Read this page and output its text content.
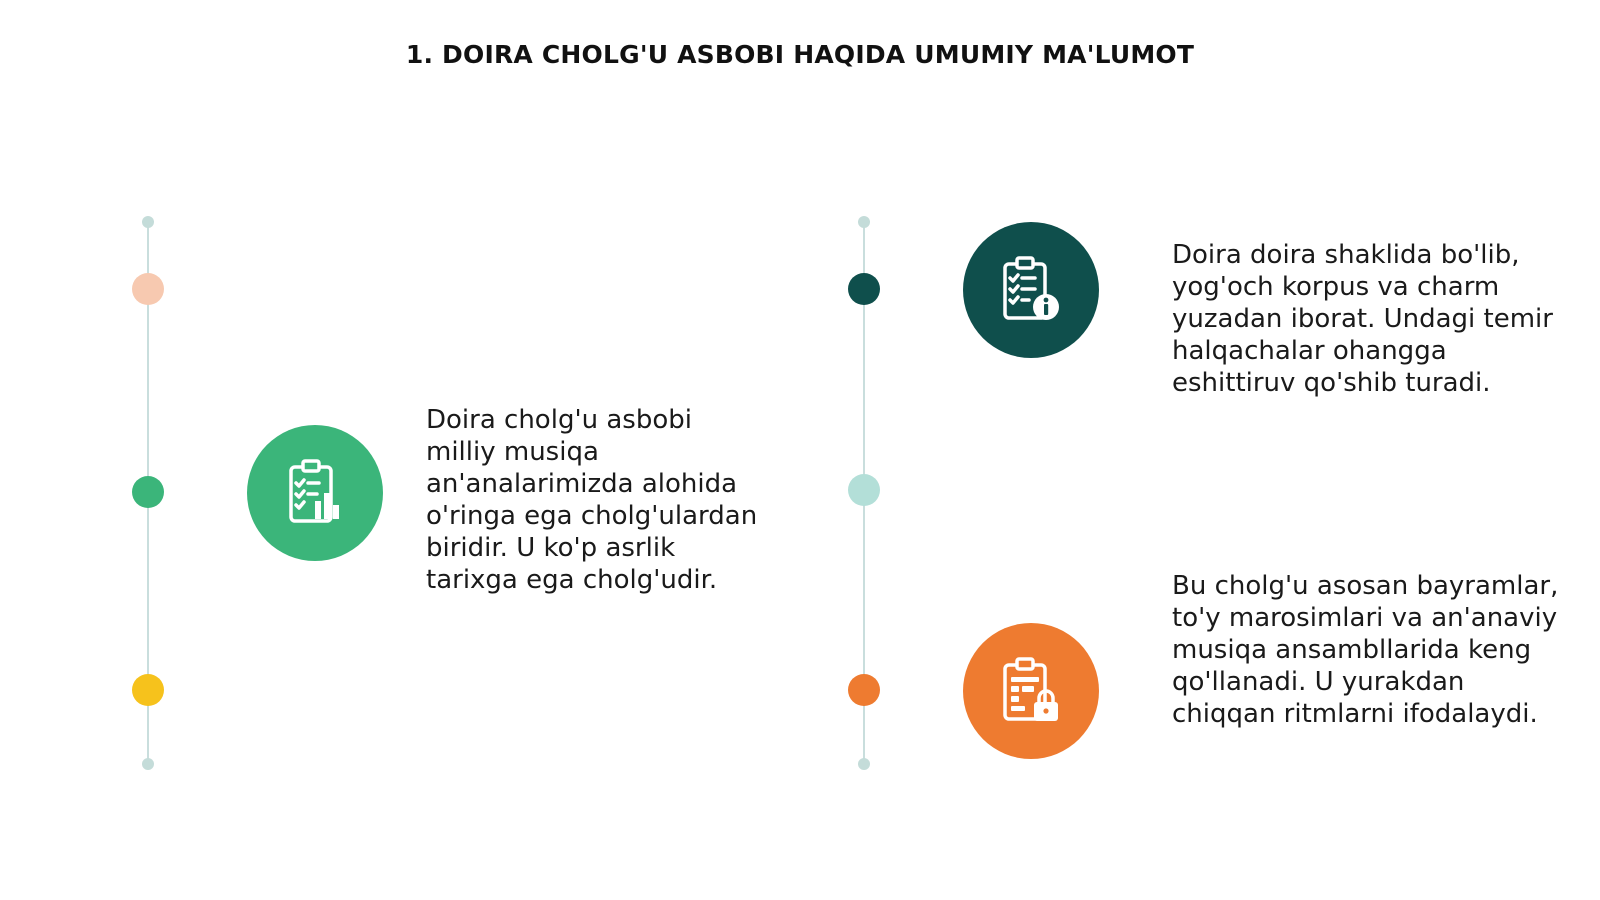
1. DOIRA CHOLG'U ASBOBI HAQIDA UMUMIY MA'LUMOT
Doira cholg'u asbobi milliy musiqa an'analarimizda alohida o'ringa ega cholg'ulardan biridir. U ko'p asrlik tarixga ega cholg'udir.
Doira doira shaklida bo'lib, yog'och korpus va charm yuzadan iborat. Undagi temir halqachalar ohangga eshittiruv qo'shib turadi.
Bu cholg'u asosan bayramlar, to'y marosimlari va an'anaviy musiqa ansambllarida keng qo'llanadi. U yurakdan chiqqan ritmlarni ifodalaydi.
